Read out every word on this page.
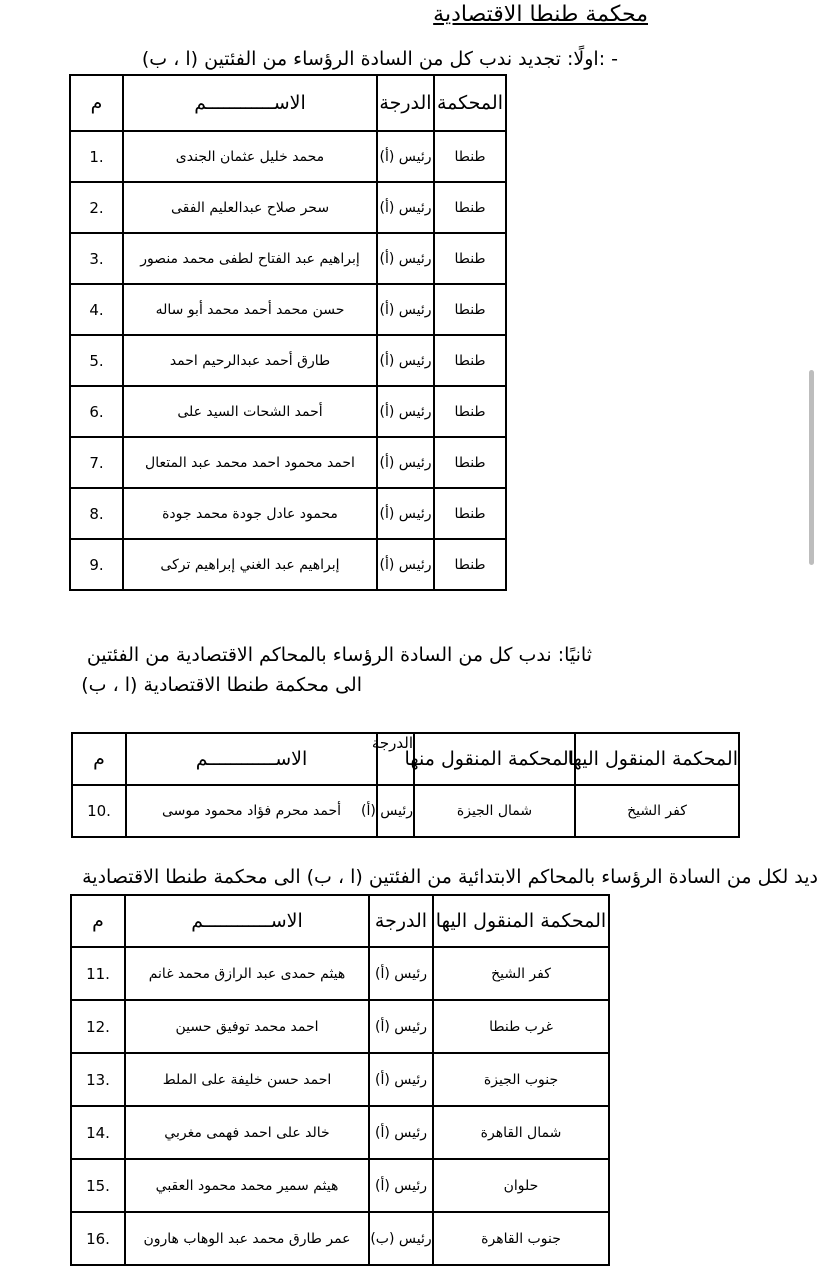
محكمة طنطا الاقتصادية
- :اولًا: تجديد ندب كل من السادة الرؤساء من الفئتين (ا ، ب)
المحكمة	الدرجة	الاســــــــــــم	م
طنطا	رئيس (أ)	محمد خليل عثمان الجندى	1.
طنطا	رئيس (أ)	سحر صلاح عبدالعليم الفقى	2.
طنطا	رئيس (أ)	إبراهيم عبد الفتاح لطفى محمد منصور	3.
طنطا	رئيس (أ)	حسن محمد أحمد محمد أبو ساله	4.
طنطا	رئيس (أ)	طارق أحمد عبدالرحيم احمد	5.
طنطا	رئيس (أ)	أحمد الشحات السيد على	6.
طنطا	رئيس (أ)	احمد محمود احمد محمد عبد المتعال	7.
طنطا	رئيس (أ)	محمود عادل جودة محمد جودة	8.
طنطا	رئيس (أ)	إبراهيم عبد الغني إبراهيم تركى	9.
ثانيًا: ندب كل من السادة الرؤساء بالمحاكم الاقتصادية من الفئتين
الى محكمة طنطا الاقتصادية (ا ، ب)
المحكمة المنقول اليها	المحكمة المنقول منها	الدرجة	الاســــــــــــم	م
كفر الشيخ	شمال الجيزة	رئيس (أ)	أحمد محرم فؤاد محمود موسى	10.
ديد لكل من السادة الرؤساء بالمحاكم الابتدائية من الفئتين (ا ، ب) الى محكمة طنطا الاقتصادية
المحكمة المنقول اليها	الدرجة	الاســــــــــــم	م
كفر الشيخ	رئيس (أ)	هيثم حمدى عبد الرازق محمد غانم	11.
غرب طنطا	رئيس (أ)	احمد محمد توفيق حسين	12.
جنوب الجيزة	رئيس (أ)	احمد حسن خليفة على الملط	13.
شمال القاهرة	رئيس (أ)	خالد على احمد فهمى مغربي	14.
حلوان	رئيس (أ)	هيثم سمير محمد محمود العقبي	15.
جنوب القاهرة	رئيس (ب)	عمر طارق محمد عبد الوهاب هارون	16.
